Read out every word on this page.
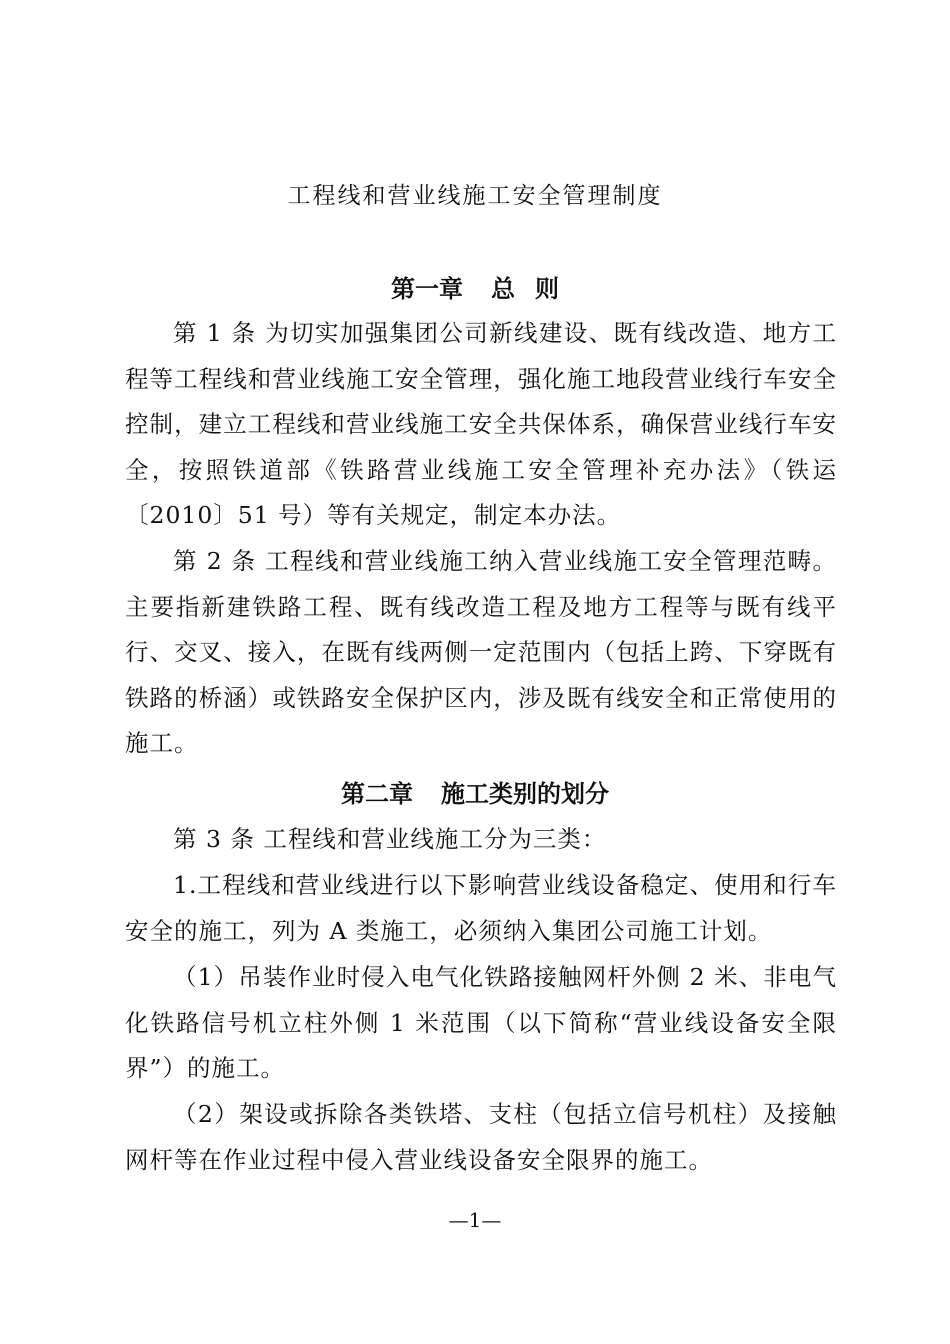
工程线和营业线施工安全管理制度
第一章 总 则

第 1 条 为切实加强集团公司新线建设、既有线改造、地方工程等工程线和营业线施工安全管理，强化施工地段营业线行车安全控制，建立工程线和营业线施工安全共保体系，确保营业线行车安全，按照铁道部《铁路营业线施工安全管理补充办法》（铁运〔2010〕51 号）等有关规定，制定本办法。

第 2 条 工程线和营业线施工纳入营业线施工安全管理范畴。主要指新建铁路工程、既有线改造工程及地方工程等与既有线平行、交叉、接入，在既有线两侧一定范围内（包括上跨、下穿既有铁路的桥涵）或铁路安全保护区内，涉及既有线安全和正常使用的施工。

第二章 施工类别的划分

第 3 条 工程线和营业线施工分为三类：

1.工程线和营业线进行以下影响营业线设备稳定、使用和行车安全的施工，列为 A 类施工，必须纳入集团公司施工计划。

（1）吊装作业时侵入电气化铁路接触网杆外侧 2 米、非电气化铁路信号机立柱外侧 1 米范围（以下简称“营业线设备安全限界”）的施工。

（2）架设或拆除各类铁塔、支柱（包括立信号机柱）及接触网杆等在作业过程中侵入营业线设备安全限界的施工。

—1—
